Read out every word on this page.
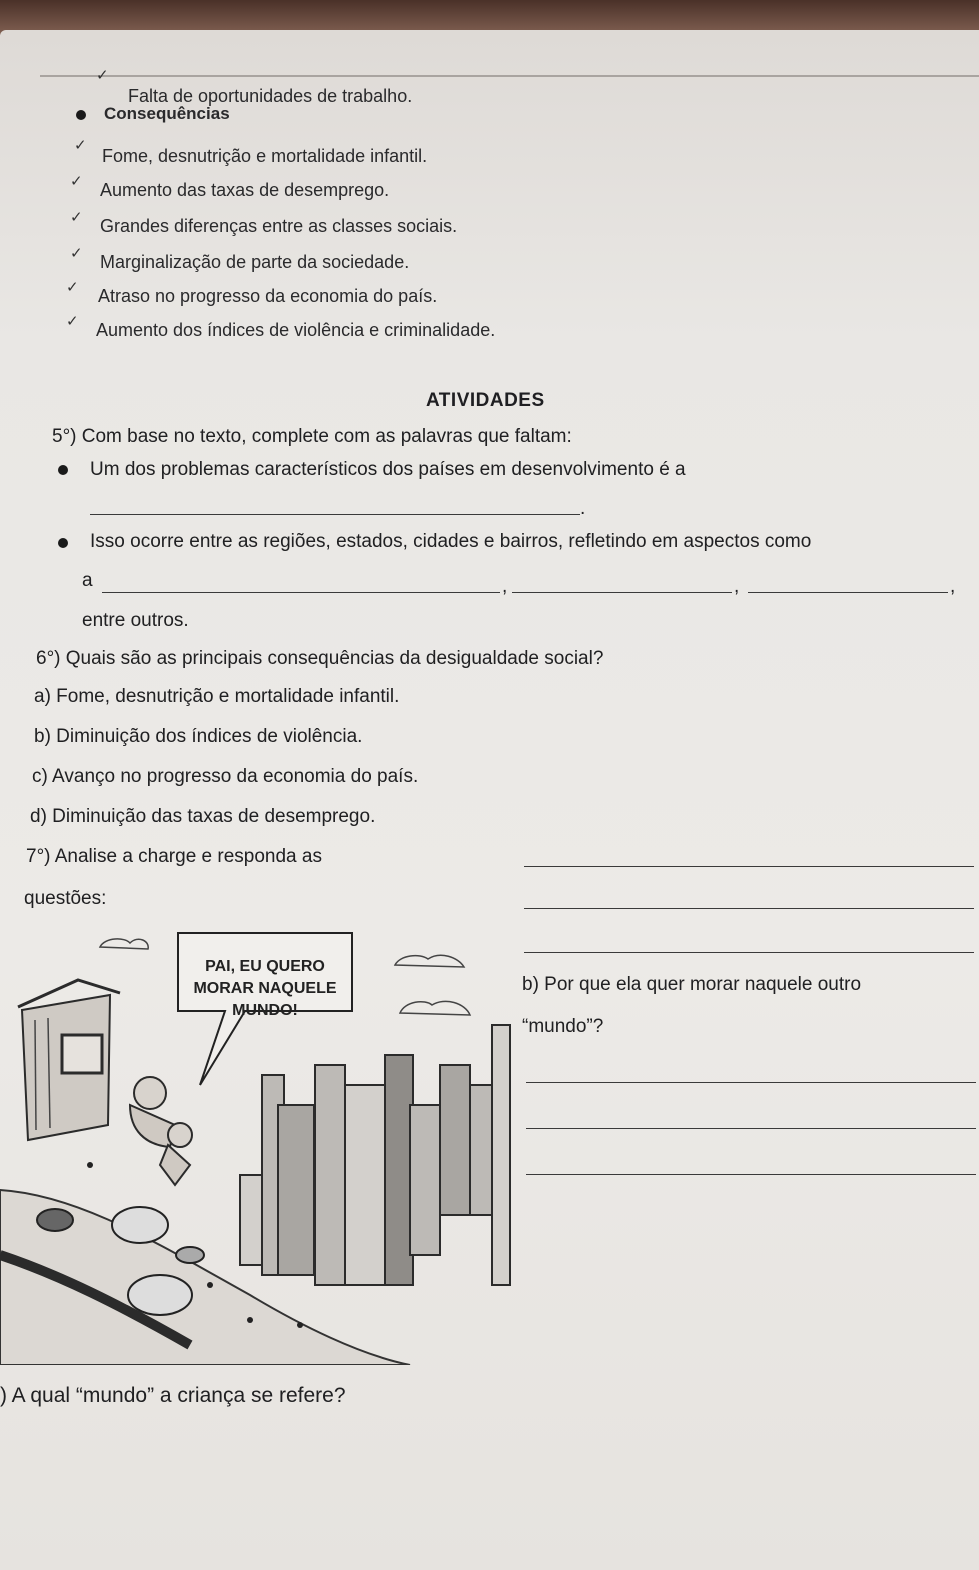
✓
Falta de oportunidades de trabalho.
Consequências
✓
Fome, desnutrição e mortalidade infantil.
✓ Aumento das taxas de desemprego.
✓ Grandes diferenças entre as classes sociais.
✓ Marginalização de parte da sociedade.
✓ Atraso no progresso da economia do país.
✓ Aumento dos índices de violência e criminalidade.
ATIVIDADES
5°) Com base no texto, complete com as palavras que faltam:
Um dos problemas característicos dos países em desenvolvimento é a
.
Isso ocorre entre as regiões, estados, cidades e bairros, refletindo em aspectos como
a	,	,	,
entre outros.
6°) Quais são as principais consequências da desigualdade social?
a) Fome, desnutrição e mortalidade infantil.
b) Diminuição dos índices de violência.
c) Avanço no progresso da economia do país.
d) Diminuição das taxas de desemprego.
7°) Analise a charge e responda as
questões:
b) Por que ela quer morar naquele outro
“mundo”?
PAI, EU QUERO
MORAR NAQUELE
MUNDO!
) A qual “mundo” a criança se refere?
